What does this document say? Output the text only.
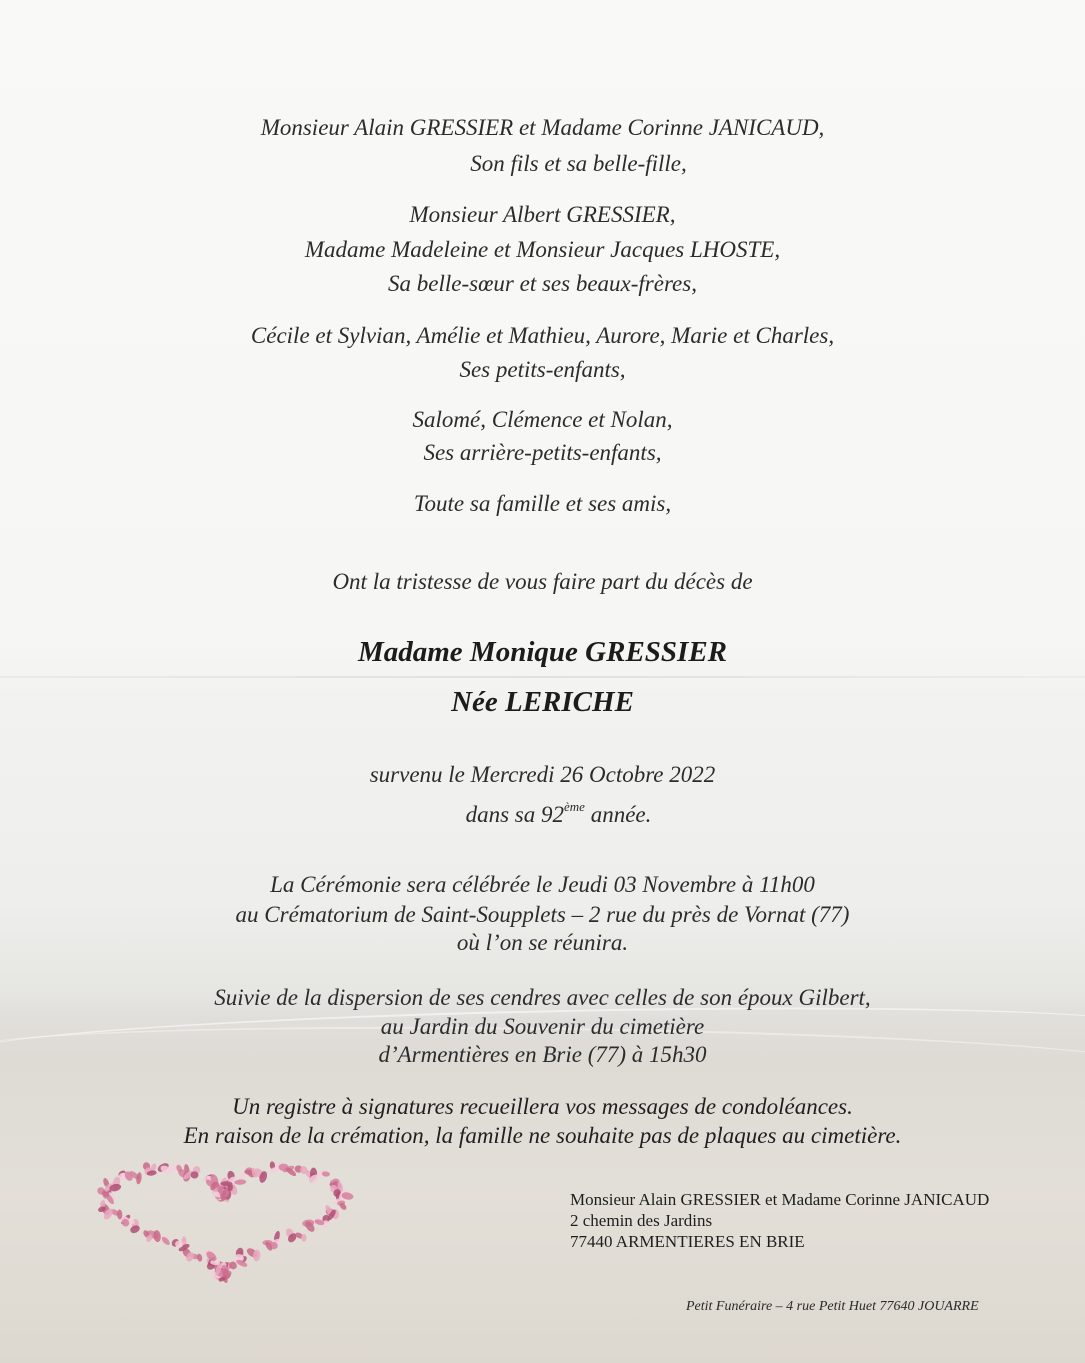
Monsieur Alain GRESSIER et Madame Corinne JANICAUD,
Son fils et sa belle-fille,
Monsieur Albert GRESSIER,
Madame Madeleine et Monsieur Jacques LHOSTE,
Sa belle-sœur et ses beaux-frères,
Cécile et Sylvian, Amélie et Mathieu, Aurore, Marie et Charles,
Ses petits-enfants,
Salomé, Clémence et Nolan,
Ses arrière-petits-enfants,
Toute sa famille et ses amis,
Ont la tristesse de vous faire part du décès de
Madame Monique GRESSIER
Née LERICHE
survenu le Mercredi 26 Octobre 2022
dans sa 92ème année.
La Cérémonie sera célébrée le Jeudi 03 Novembre à 11h00
au Crématorium de Saint-Soupplets – 2 rue du près de Vornat (77)
où l’on se réunira.
Suivie de la dispersion de ses cendres avec celles de son époux Gilbert,
au Jardin du Souvenir du cimetière
d’Armentières en Brie (77) à 15h30
Un registre à signatures recueillera vos messages de condoléances.
En raison de la crémation, la famille ne souhaite pas de plaques au cimetière.
Monsieur Alain GRESSIER et Madame Corinne JANICAUD
2 chemin des Jardins
77440 ARMENTIERES EN BRIE
Petit Funéraire – 4 rue Petit Huet 77640 JOUARRE
